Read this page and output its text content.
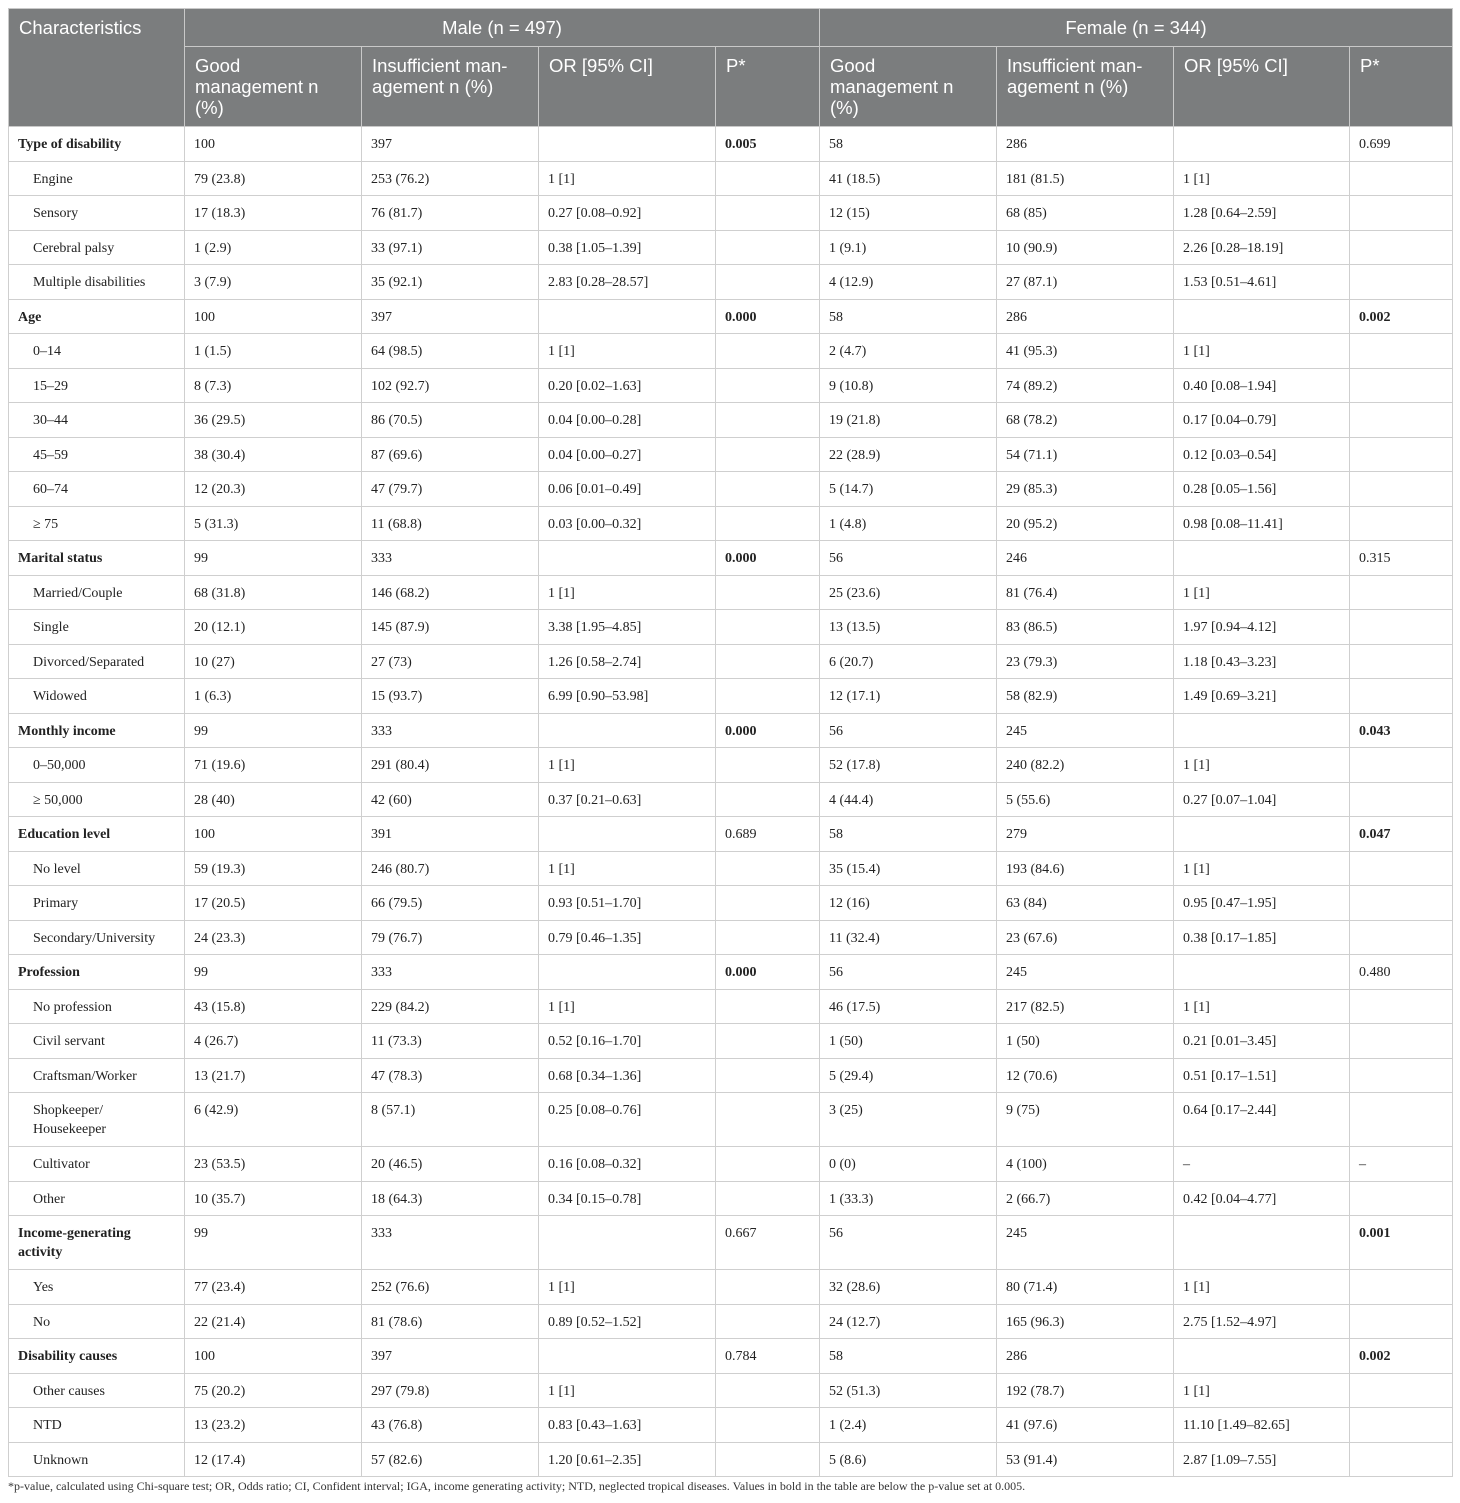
Characteristics	Male (n = 497)				Female (n = 344)			
	Good management n (%)	Insufficient man-agement n (%)	OR [95% CI]	P*	Good management n (%)	Insufficient man-agement n (%)	OR [95% CI]	P*
Type of disability	100	397		0.005	58	286		0.699
Engine	79 (23.8)	253 (76.2)	1 [1]		41 (18.5)	181 (81.5)	1 [1]	
Sensory	17 (18.3)	76 (81.7)	0.27 [0.08–0.92]		12 (15)	68 (85)	1.28 [0.64–2.59]	
Cerebral palsy	1 (2.9)	33 (97.1)	0.38 [1.05–1.39]		1 (9.1)	10 (90.9)	2.26 [0.28–18.19]	
Multiple disabilities	3 (7.9)	35 (92.1)	2.83 [0.28–28.57]		4 (12.9)	27 (87.1)	1.53 [0.51–4.61]	
Age	100	397		0.000	58	286		0.002
0–14	1 (1.5)	64 (98.5)	1 [1]		2 (4.7)	41 (95.3)	1 [1]	
15–29	8 (7.3)	102 (92.7)	0.20 [0.02–1.63]		9 (10.8)	74 (89.2)	0.40 [0.08–1.94]	
30–44	36 (29.5)	86 (70.5)	0.04 [0.00–0.28]		19 (21.8)	68 (78.2)	0.17 [0.04–0.79]	
45–59	38 (30.4)	87 (69.6)	0.04 [0.00–0.27]		22 (28.9)	54 (71.1)	0.12 [0.03–0.54]	
60–74	12 (20.3)	47 (79.7)	0.06 [0.01–0.49]		5 (14.7)	29 (85.3)	0.28 [0.05–1.56]	
≥ 75	5 (31.3)	11 (68.8)	0.03 [0.00–0.32]		1 (4.8)	20 (95.2)	0.98 [0.08–11.41]	
Marital status	99	333		0.000	56	246		0.315
Married/Couple	68 (31.8)	146 (68.2)	1 [1]		25 (23.6)	81 (76.4)	1 [1]	
Single	20 (12.1)	145 (87.9)	3.38 [1.95–4.85]		13 (13.5)	83 (86.5)	1.97 [0.94–4.12]	
Divorced/Separated	10 (27)	27 (73)	1.26 [0.58–2.74]		6 (20.7)	23 (79.3)	1.18 [0.43–3.23]	
Widowed	1 (6.3)	15 (93.7)	6.99 [0.90–53.98]		12 (17.1)	58 (82.9)	1.49 [0.69–3.21]	
Monthly income	99	333		0.000	56	245		0.043
0–50,000	71 (19.6)	291 (80.4)	1 [1]		52 (17.8)	240 (82.2)	1 [1]	
≥ 50,000	28 (40)	42 (60)	0.37 [0.21–0.63]		4 (44.4)	5 (55.6)	0.27 [0.07–1.04]	
Education level	100	391		0.689	58	279		0.047
No level	59 (19.3)	246 (80.7)	1 [1]		35 (15.4)	193 (84.6)	1 [1]	
Primary	17 (20.5)	66 (79.5)	0.93 [0.51–1.70]		12 (16)	63 (84)	0.95 [0.47–1.95]	
Secondary/University	24 (23.3)	79 (76.7)	0.79 [0.46–1.35]		11 (32.4)	23 (67.6)	0.38 [0.17–1.85]	
Profession	99	333		0.000	56	245		0.480
No profession	43 (15.8)	229 (84.2)	1 [1]		46 (17.5)	217 (82.5)	1 [1]	
Civil servant	4 (26.7)	11 (73.3)	0.52 [0.16–1.70]		1 (50)	1 (50)	0.21 [0.01–3.45]	
Craftsman/Worker	13 (21.7)	47 (78.3)	0.68 [0.34–1.36]		5 (29.4)	12 (70.6)	0.51 [0.17–1.51]	
Shopkeeper/ Housekeeper	6 (42.9)	8 (57.1)	0.25 [0.08–0.76]		3 (25)	9 (75)	0.64 [0.17–2.44]	
Cultivator	23 (53.5)	20 (46.5)	0.16 [0.08–0.32]		0 (0)	4 (100)	–	–
Other	10 (35.7)	18 (64.3)	0.34 [0.15–0.78]		1 (33.3)	2 (66.7)	0.42 [0.04–4.77]	
Income-generating activity	99	333		0.667	56	245		0.001
Yes	77 (23.4)	252 (76.6)	1 [1]		32 (28.6)	80 (71.4)	1 [1]	
No	22 (21.4)	81 (78.6)	0.89 [0.52–1.52]		24 (12.7)	165 (96.3)	2.75 [1.52–4.97]	
Disability causes	100	397		0.784	58	286		0.002
Other causes	75 (20.2)	297 (79.8)	1 [1]		52 (51.3)	192 (78.7)	1 [1]	
NTD	13 (23.2)	43 (76.8)	0.83 [0.43–1.63]		1 (2.4)	41 (97.6)	11.10 [1.49–82.65]	
Unknown	12 (17.4)	57 (82.6)	1.20 [0.61–2.35]		5 (8.6)	53 (91.4)	2.87 [1.09–7.55]	
*p-value, calculated using Chi-square test; OR, Odds ratio; CI, Confident interval; IGA, income generating activity; NTD, neglected tropical diseases. Values in bold in the table are below the p-value set at 0.005.
